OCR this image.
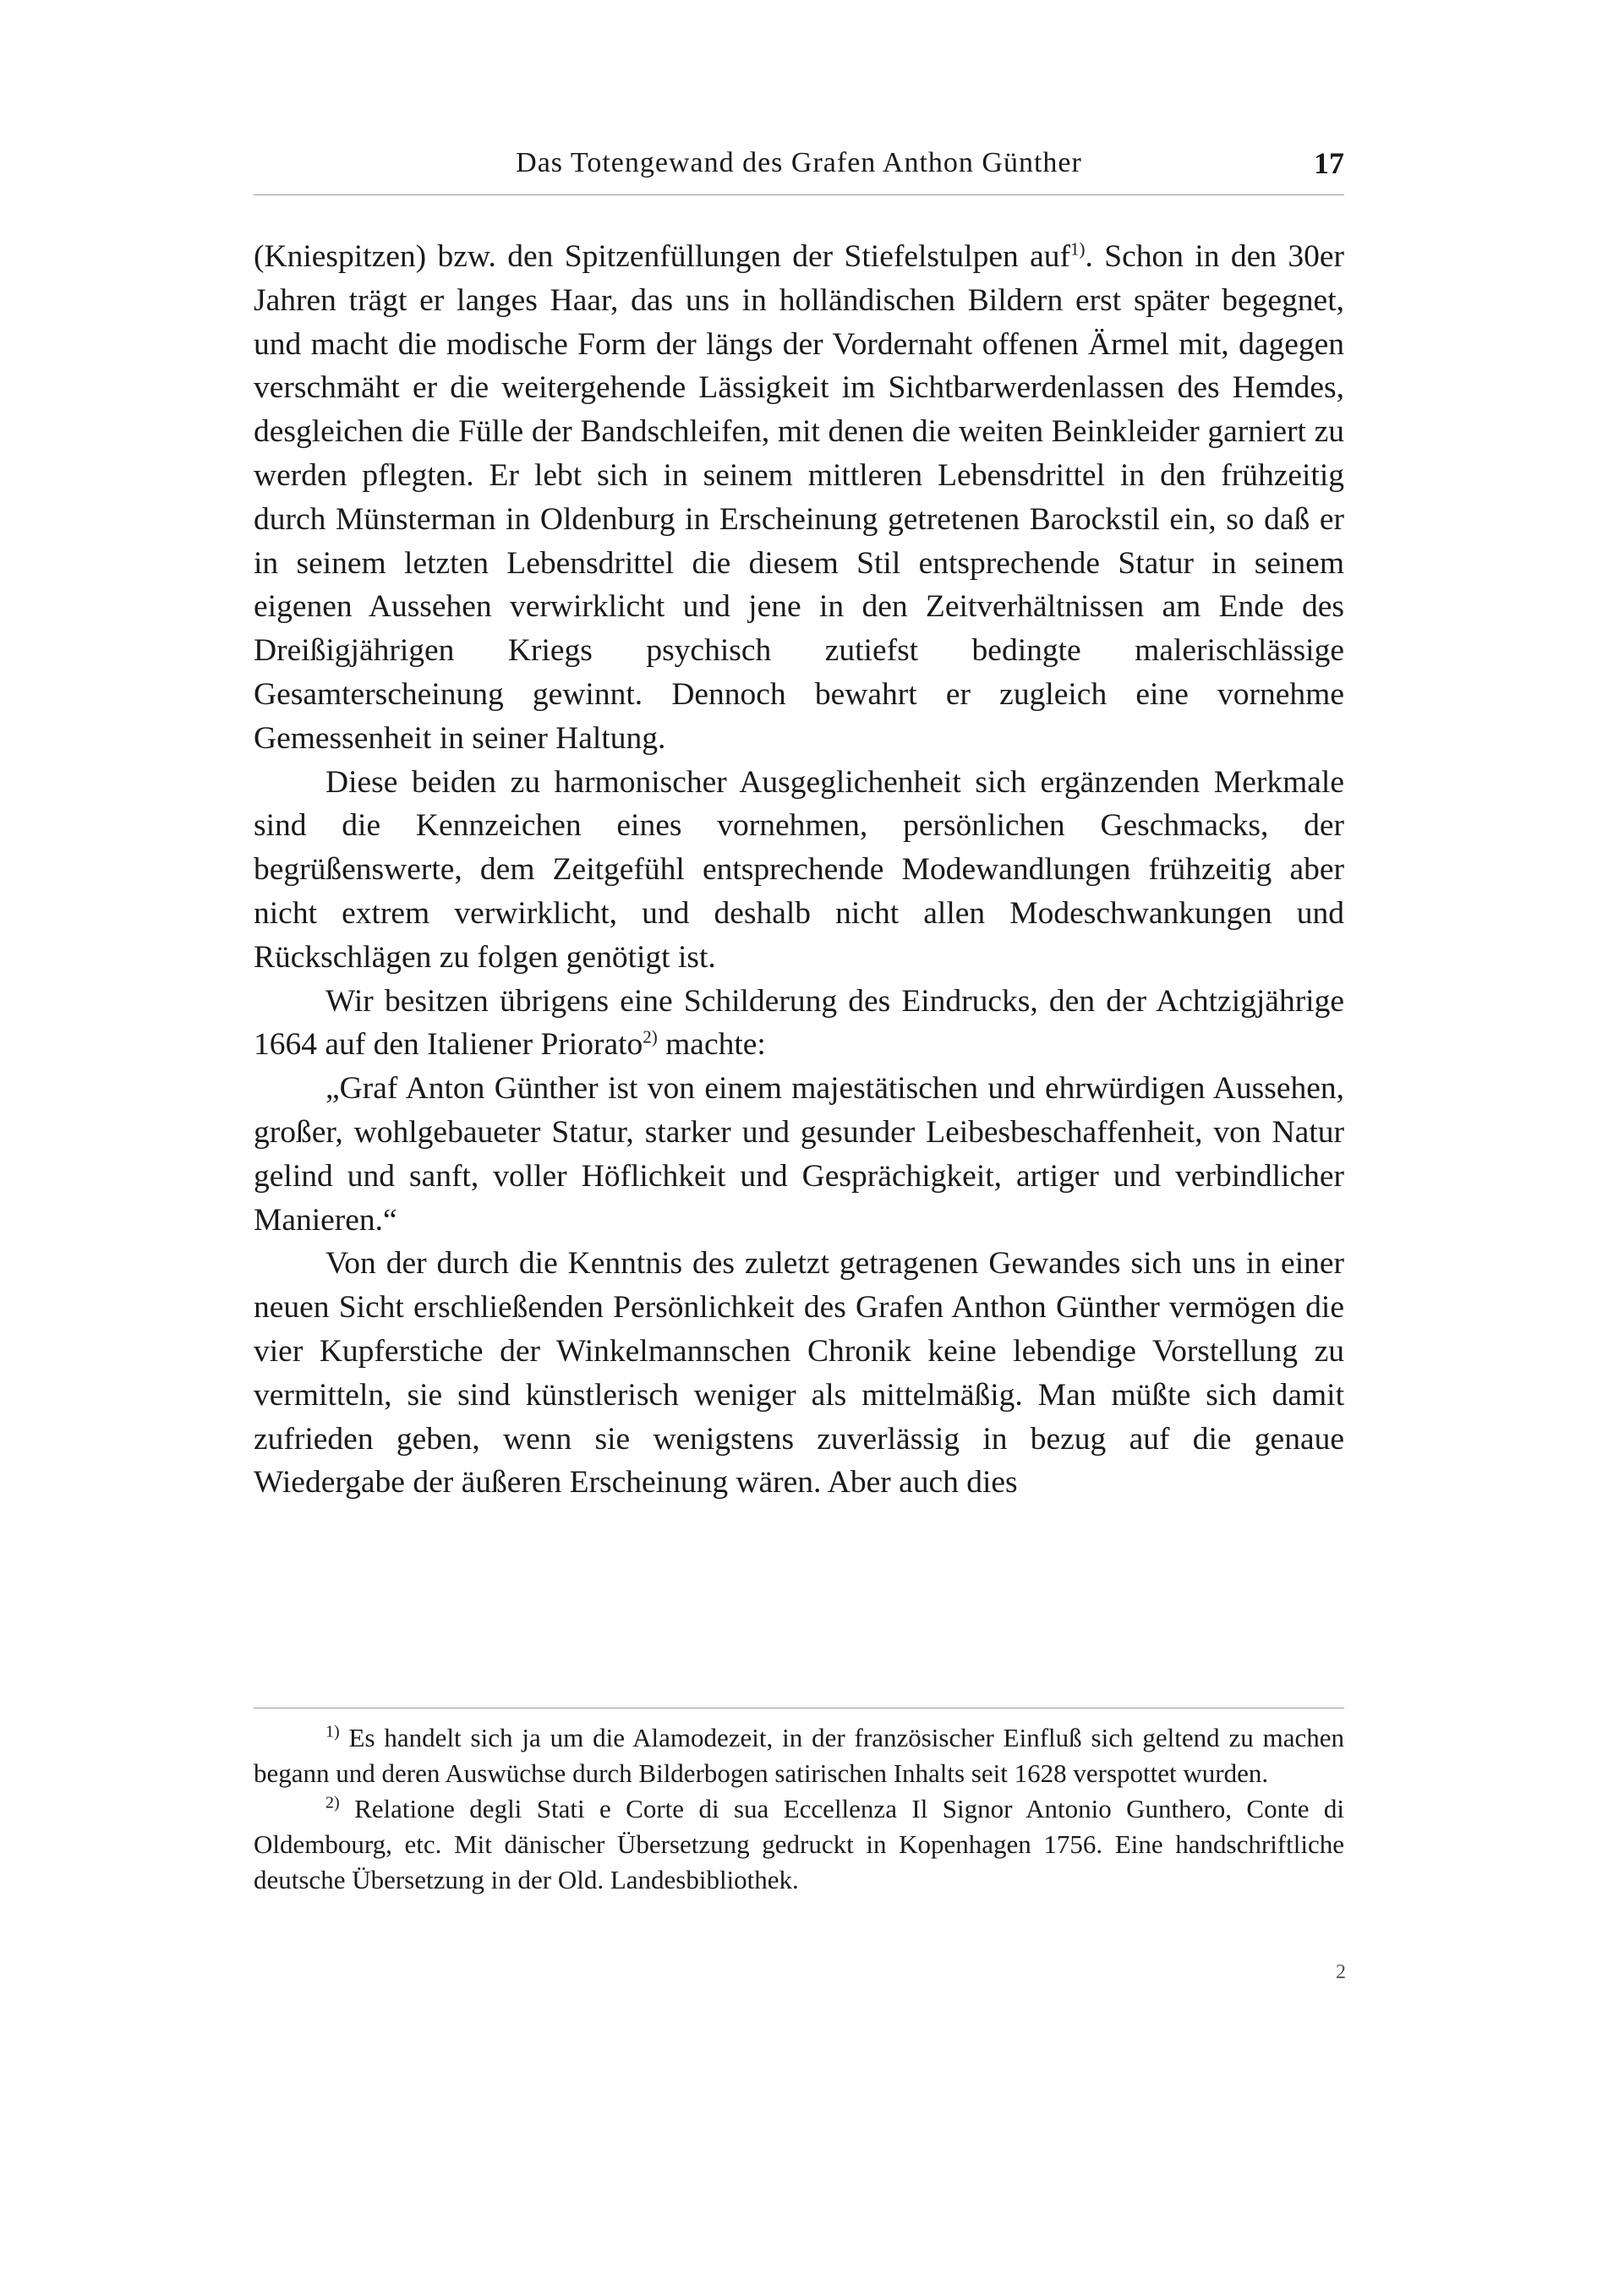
Das Totengewand des Grafen Anthon Günther	17

(Kniespitzen) bzw. den Spitzenfüllungen der Stiefelstulpen auf$^{1)}$. Schon in den 30er Jahren trägt er langes Haar, das uns in holländischen Bildern erst später begegnet, und macht die modische Form der längs der Vordernaht offenen Ärmel mit, dagegen verschmäht er die weitergehende Lässigkeit im Sichtbarwerdenlassen des Hemdes, desgleichen die Fülle der Bandschleifen, mit denen die weiten Beinkleider garniert zu werden pflegten. Er lebt sich in seinem mittleren Lebensdrittel in den frühzeitig durch Münsterman in Oldenburg in Erscheinung getretenen Barockstil ein, so daß er in seinem letzten Lebensdrittel die diesem Stil entsprechende Statur in seinem eigenen Aussehen verwirklicht und jene in den Zeitverhältnissen am Ende des Dreißigjährigen Kriegs psychisch zutiefst bedingte malerischlässige Gesamterscheinung gewinnt. Dennoch bewahrt er zugleich eine vornehme Gemessenheit in seiner Haltung.

Diese beiden zu harmonischer Ausgeglichenheit sich ergänzenden Merkmale sind die Kennzeichen eines vornehmen, persönlichen Geschmacks, der begrüßenswerte, dem Zeitgefühl entsprechende Modewandlungen frühzeitig aber nicht extrem verwirklicht, und deshalb nicht allen Modeschwankungen und Rückschlägen zu folgen genötigt ist.

Wir besitzen übrigens eine Schilderung des Eindrucks, den der Achtzigjährige 1664 auf den Italiener Priorato$^{2)}$ machte:

„Graf Anton Günther ist von einem majestätischen und ehrwürdigen Aussehen, großer, wohlgebaueter Statur, starker und gesunder Leibesbeschaffenheit, von Natur gelind und sanft, voller Höflichkeit und Gesprächigkeit, artiger und verbindlicher Manieren.“

Von der durch die Kenntnis des zuletzt getragenen Gewandes sich uns in einer neuen Sicht erschließenden Persönlichkeit des Grafen Anthon Günther vermögen die vier Kupferstiche der Winkelmannschen Chronik keine lebendige Vorstellung zu vermitteln, sie sind künstlerisch weniger als mittelmäßig. Man müßte sich damit zufrieden geben, wenn sie wenigstens zuverlässig in bezug auf die genaue Wiedergabe der äußeren Erscheinung wären. Aber auch dies

$^{1)}$ Es handelt sich ja um die Alamodezeit, in der französischer Einfluß sich geltend zu machen begann und deren Auswüchse durch Bilderbogen satirischen Inhalts seit 1628 verspottet wurden.

$^{2)}$ Relatione degli Stati e Corte di sua Eccellenza Il Signor Antonio Gunthero, Conte di Oldembourg, etc. Mit dänischer Übersetzung gedruckt in Kopenhagen 1756. Eine handschriftliche deutsche Übersetzung in der Old. Landesbibliothek.

2
